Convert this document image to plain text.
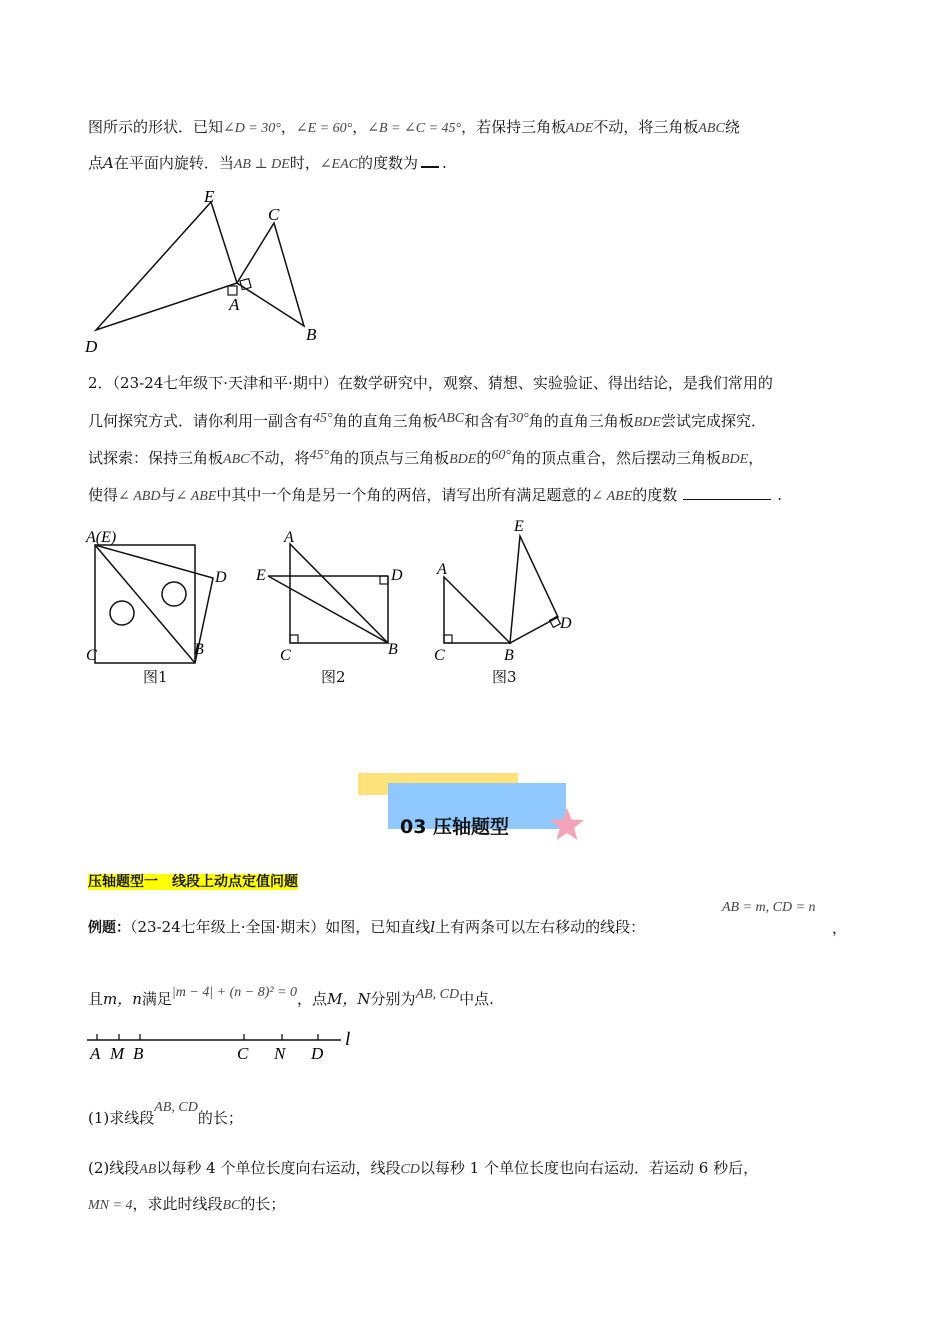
图所示的形状．已知∠D = 30°，∠E = 60°，∠B = ∠C = 45°，若保持三角板ADE不动，将三角板ABC绕
点A在平面内旋转．当AB ⊥ DE时，∠EAC的度数为 .
E
C
A
D
B
2．（23-24七年级下·天津和平·期中）在数学研究中，观察、猜想、实验验证、得出结论，是我们常用的
几何探究方式．请你利用一副含有45°角的直角三角板ABC和含有30°角的直角三角板BDE尝试完成探究．
试探索：保持三角板ABC不动，将45°角的顶点与三角板BDE的60°角的顶点重合，然后摆动三角板BDE，
使得∠ ABD与∠ ABE中其中一个角是另一个角的两倍，请写出所有满足题意的∠ ABE的度数	.
A(E)
D
C	B
A
E	D
C	B
A
E
D
C	B
图1	图2	图3
03 压轴题型
压轴题型一　线段上动点定值问题
例题：（23-24七年级上·全国·期末）如图，已知直线l上有两条可以左右移动的线段：
AB = m, CD = n
，
且m，n满足|m − 4| + (n − 8)² = 0，点M，N分别为AB, CD中点.
A M B	C N D
l
(1)求线段AB, CD的长；
(2)线段AB以每秒 4 个单位长度向右运动，线段CD以每秒 1 个单位长度也向右运动．若运动 6 秒后，
MN = 4，求此时线段BC的长；
